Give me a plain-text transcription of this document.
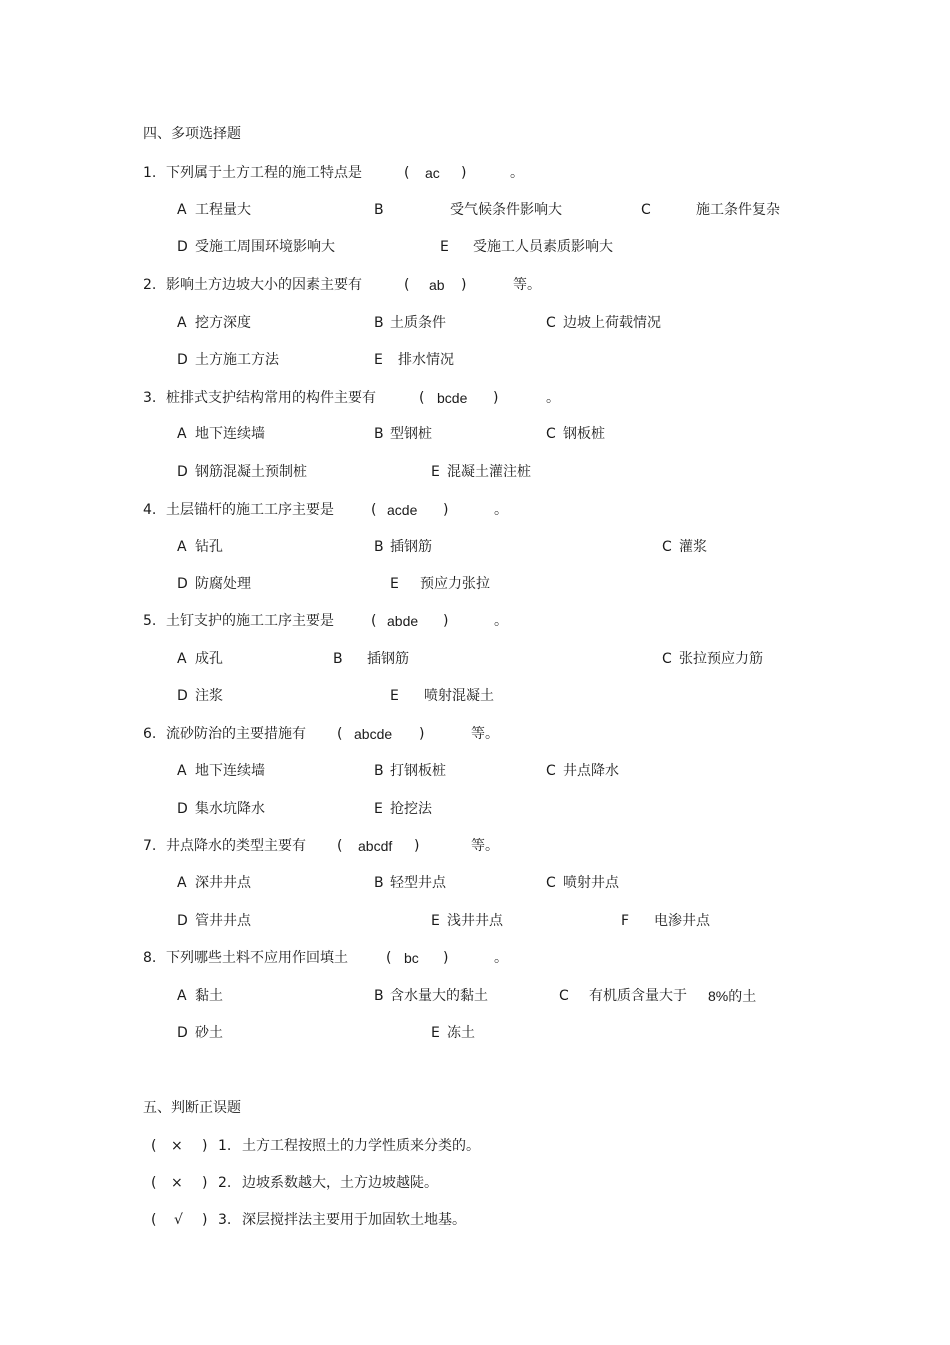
四、多项选择题
1. 下列属于土方工程的施工特点是	( ac )	。
A 工程量大	B	受气候条件影响大	C	施工条件复杂
D 受施工周围环境影响大	E 受施工人员素质影响大
2. 影响土方边坡大小的因素主要有	( ab )	等。
A 挖方深度	B 土质条件	C 边坡上荷载情况
D 土方施工方法	E 排水情况
3. 桩排式支护结构常用的构件主要有	( bcde )	。
A 地下连续墙	B 型钢桩	C 钢板桩
D 钢筋混凝土预制桩	E 混凝土灌注桩
4. 土层锚杆的施工工序主要是	( acde )	。
A 钻孔	B 插钢筋	C 灌浆
D 防腐处理	E 预应力张拉
5. 土钉支护的施工工序主要是	( abde )	。
A 成孔	B 插钢筋	C 张拉预应力筋
D 注浆	E 喷射混凝土
6. 流砂防治的主要措施有 ( abcde )	等。
A 地下连续墙	B 打钢板桩	C 井点降水
D 集水坑降水	E 抢挖法
7. 井点降水的类型主要有 ( abcdf )	等。
A 深井井点	B 轻型井点	C 喷射井点
D 管井井点	E 浅井井点	F 电渗井点
8. 下列哪些土料不应用作回填土	( bc )	。
A 黏土	B 含水量大的黏土	C 有机质含量大于 8%的土
D 砂土	E 冻土
五、判断正误题
( × ) 1. 土方工程按照土的力学性质来分类的。
( × ) 2. 边坡系数越大，土方边坡越陡。
( √ ) 3. 深层搅拌法主要用于加固软土地基。
